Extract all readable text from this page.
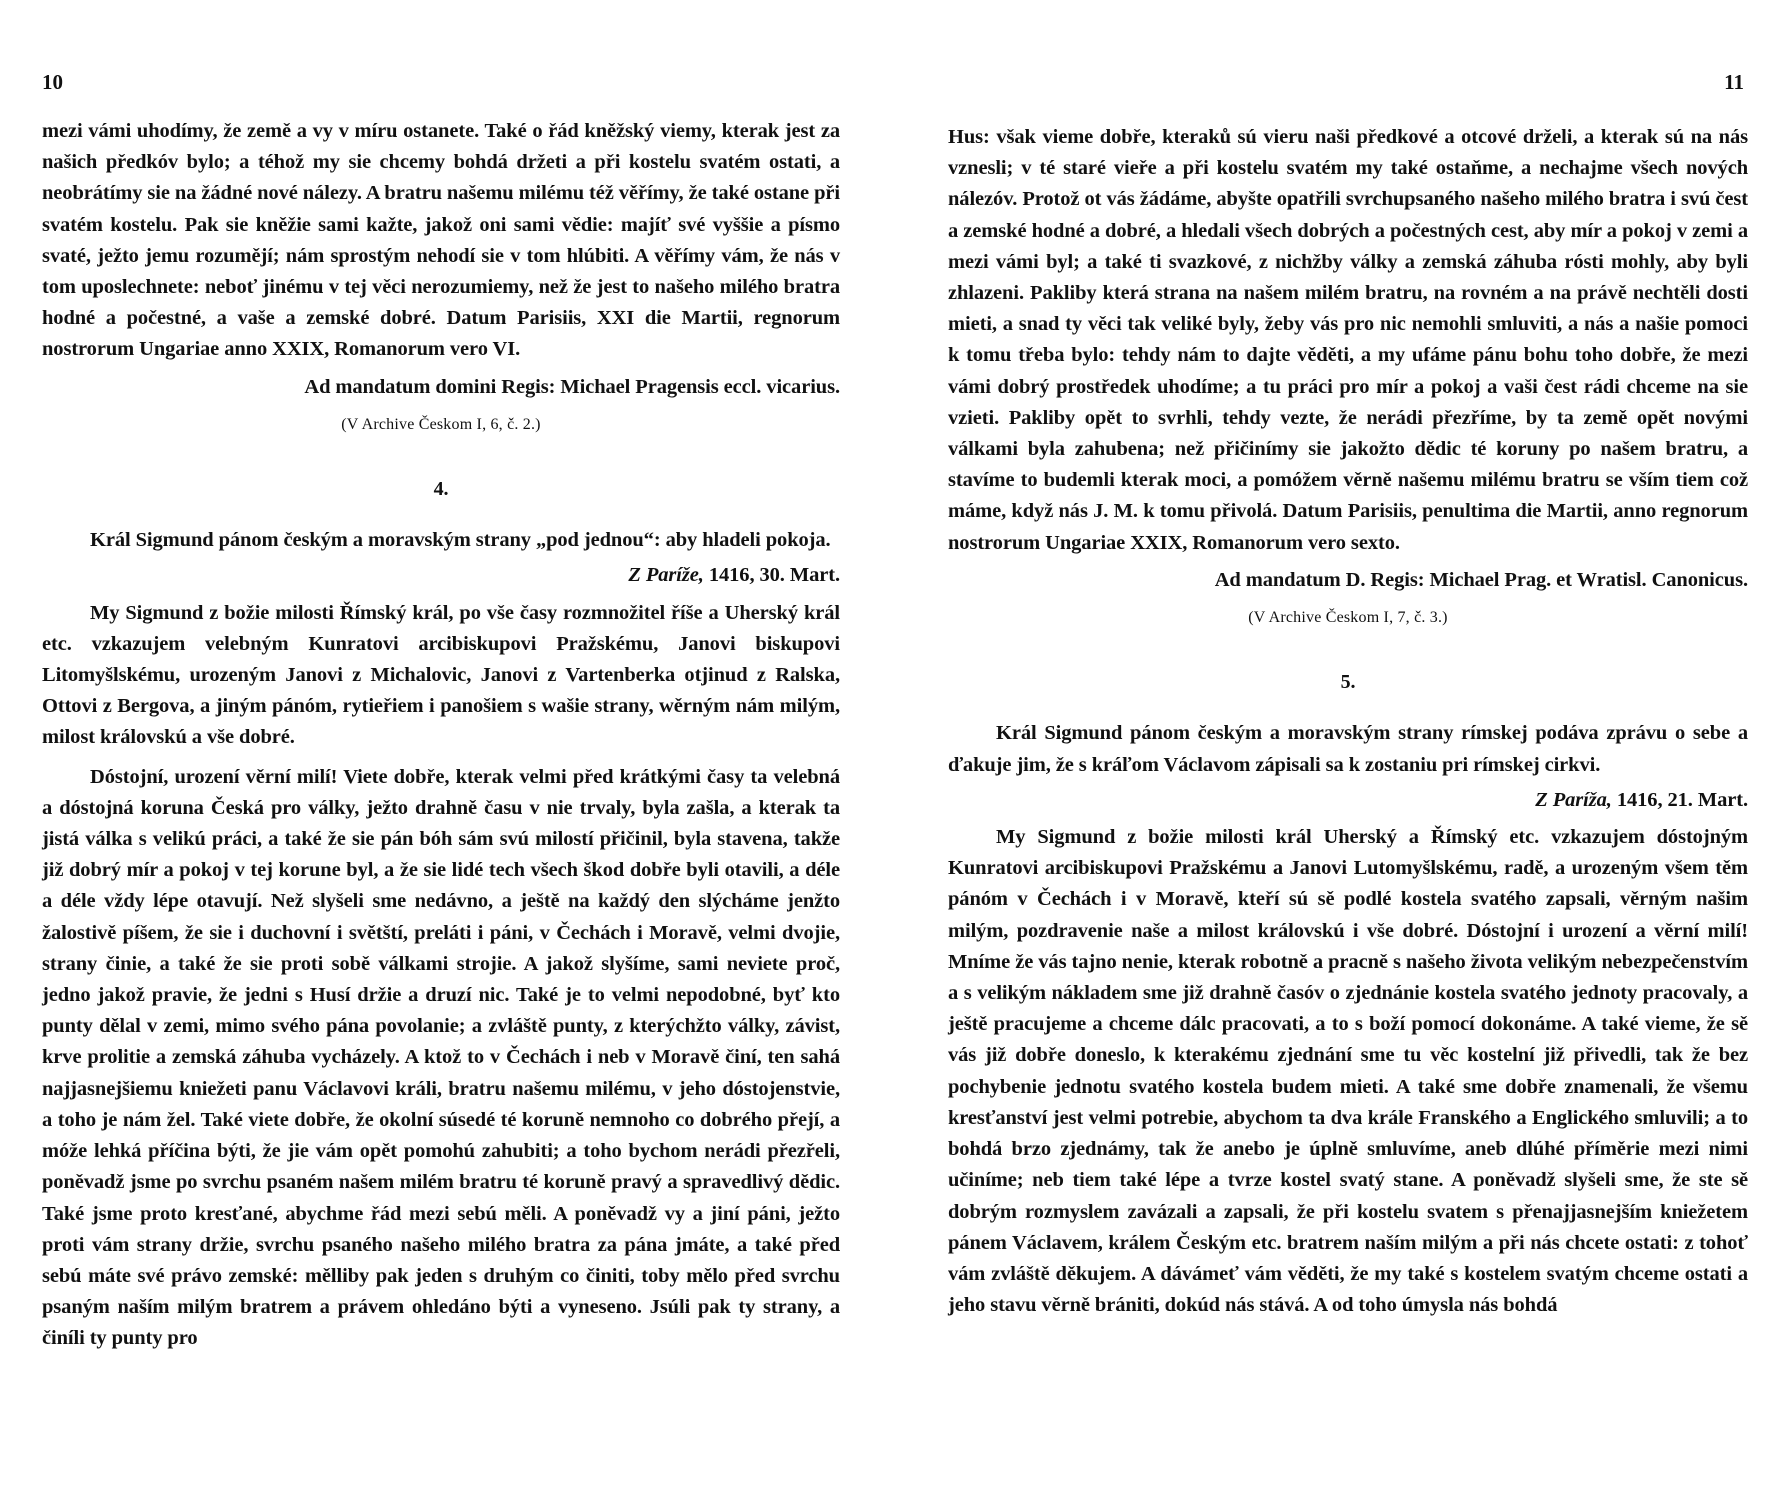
10	11

mezi vámi uhodímy, že země a vy v míru ostanete. Také o řád kněžský viemy, kterak jest za našich předkóv bylo; a téhož my sie chcemy bohdá držeti a při kostelu svatém ostati, a neobrátímy sie na žádné nové nálezy. A bratru našemu milému též věřímy, že také ostane při svatém kostelu. Pak sie kněžie sami kažte, jakož oni sami vědie: majíť své vyššie a písmo svaté, ježto jemu rozumějí; nám sprostým nehodí sie v tom hlúbiti. A věřímy vám, že nás v tom uposlechnete: neboť jinému v tej věci nerozumiemy, než že jest to našeho milého bratra hodné a počestné, a vaše a zemské dobré. Datum Parisiis, XXI die Martii, regnorum nostrorum Ungariae anno XXIX, Romanorum vero VI.

Ad mandatum domini Regis: Michael Pragensis eccl. vicarius.

(V Archive Českom I, 6, č. 2.)

4.

Král Sigmund pánom českým a moravským strany „pod jednou“: aby hladeli pokoja.

Z Paríže, 1416, 30. Mart.

My Sigmund z božie milosti Římský král, po vše časy rozmnožitel říše a Uherský král etc. vzkazujem velebným Kunratovi arcibiskupovi Pražskému, Janovi biskupovi Litomyšlskému, urozeným Janovi z Michalovic, Janovi z Vartenberka otjinud z Ralska, Ottovi z Bergova, a jiným pánóm, rytieřiem i panošiem s wašie strany, wěrným nám milým, milost královskú a vše dobré.

Dóstojní, urození věrní milí! Viete dobře, kterak velmi před krátkými časy ta velebná a dóstojná koruna Česká pro války, ježto drahně času v nie trvaly, byla zašla, a kterak ta jistá válka s velikú práci, a také že sie pán bóh sám svú milostí přičinil, byla stavena, takže již dobrý mír a pokoj v tej korune byl, a že sie lidé tech všech škod dobře byli otavili, a déle a déle vždy lépe otavují. Než slyšeli sme nedávno, a ještě na každý den slýcháme jenžto žalostivě píšem, že sie i duchovní i světští, preláti i páni, v Čechách i Moravě, velmi dvojie, strany činie, a také že sie proti sobě válkami strojie. A jakož slyšíme, sami neviete proč, jedno jakož pravie, že jedni s Husí držie a druzí nic. Také je to velmi nepodobné, byť kto punty dělal v zemi, mimo svého pána povolanie; a zvláště punty, z kterýchžto války, závist, krve prolitie a zemská záhuba vycházely. A ktož to v Čechách i neb v Moravě činí, ten sahá najjasnejšiemu kniežeti panu Václavovi králi, bratru našemu milému, v jeho dóstojenstvie, a toho je nám žel. Také viete dobře, že okolní súsedé té koruně nemnoho co dobrého přejí, a móže lehká příčina býti, že jie vám opět pomohú zahubiti; a toho bychom nerádi přezřeli, poněvadž jsme po svrchu psaném našem milém bratru té koruně pravý a spravedlivý dědic. Také jsme proto kresťané, abychme řád mezi sebú měli. A poněvadž vy a jiní páni, ježto proti vám strany držie, svrchu psaného našeho milého bratra za pána jmáte, a také před sebú máte své právo zemské: mělliby pak jeden s druhým co činiti, toby mělo před svrchu psaným naším milým bratrem a právem ohledáno býti a vyneseno. Jsúli pak ty strany, a činíli ty punty pro

Hus: však vieme dobře, kteraků sú vieru naši předkové a otcové drželi, a kterak sú na nás vznesli; v té staré vieře a při kostelu svatém my také ostaňme, a nechajme všech nových nálezóv. Protož ot vás žádáme, abyšte opatřili svrchupsaného našeho milého bratra i svú čest a zemské hodné a dobré, a hledali všech dobrých a počestných cest, aby mír a pokoj v zemi a mezi vámi byl; a také ti svazkové, z nichžby války a zemská záhuba rósti mohly, aby byli zhlazeni. Pakliby která strana na našem milém bratru, na rovném a na právě nechtěli dosti mieti, a snad ty věci tak veliké byly, žeby vás pro nic nemohli smluviti, a nás a našie pomoci k tomu třeba bylo: tehdy nám to dajte věděti, a my ufáme pánu bohu toho dobře, že mezi vámi dobrý prostředek uhodíme; a tu práci pro mír a pokoj a vaši čest rádi chceme na sie vzieti. Pakliby opět to svrhli, tehdy vezte, že nerádi přezříme, by ta země opět novými válkami byla zahubena; než přičinímy sie jakožto dědic té koruny po našem bratru, a stavíme to budemli kterak moci, a pomóžem věrně našemu milému bratru se vším tiem což máme, když nás J. M. k tomu přivolá. Datum Parisiis, penultima die Martii, anno regnorum nostrorum Ungariae XXIX, Romanorum vero sexto.

Ad mandatum D. Regis: Michael Prag. et Wratisl. Canonicus.

(V Archive Českom I, 7, č. 3.)

5.

Král Sigmund pánom českým a moravským strany rímskej podáva zprávu o sebe a ďakuje jim, že s kráľom Václavom zápisali sa k zostaniu pri rímskej cirkvi.

Z Paríža, 1416, 21. Mart.

My Sigmund z božie milosti král Uherský a Římský etc. vzkazujem dóstojným Kunratovi arcibiskupovi Pražskému a Janovi Lutomyšlskému, radě, a urozeným všem těm pánóm v Čechách i v Moravě, kteří sú sě podlé kostela svatého zapsali, věrným našim milým, pozdravenie naše a milost královskú i vše dobré. Dóstojní i urození a věrní milí! Mníme že vás tajno nenie, kterak robotně a pracně s našeho života velikým nebezpečenstvím a s velikým nákladem sme již drahně časóv o zjednánie kostela svatého jednoty pracovaly, a ještě pracujeme a chceme dálc pracovati, a to s boží pomocí dokonáme. A také vieme, že sě vás již dobře doneslo, k kterakému zjednání sme tu věc kostelní již přivedli, tak že bez pochybenie jednotu svatého kostela budem mieti. A také sme dobře znamenali, že všemu kresťanství jest velmi potrebie, abychom ta dva krále Franského a Englického smluvili; a to bohdá brzo zjednámy, tak že anebo je úplně smluvíme, aneb dlúhé příměrie mezi nimi učiníme; neb tiem také lépe a tvrze kostel svatý stane. A poněvadž slyšeli sme, že ste sě dobrým rozmyslem zavázali a zapsali, že při kostelu svatem s přenajjasnejším kniežetem pánem Václavem, králem Českým etc. bratrem naším milým a při nás chcete ostati: z tohoť vám zvláště děkujem. A dávámeť vám věděti, že my také s kostelem svatým chceme ostati a jeho stavu věrně brániti, dokúd nás stává. A od toho úmysla nás bohdá
